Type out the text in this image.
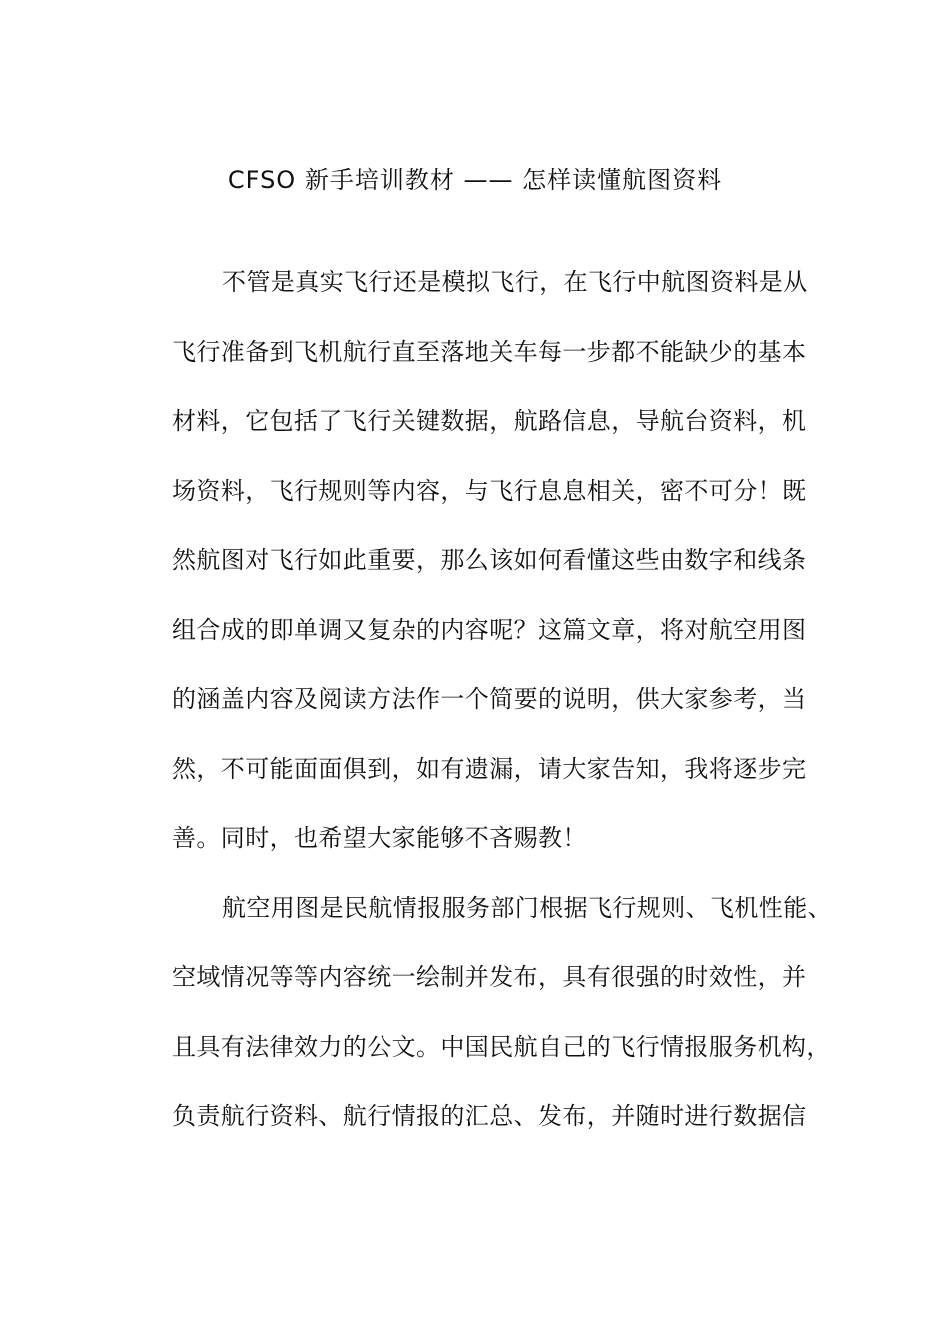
CFSO 新手培训教材 —— 怎样读懂航图资料

不管是真实飞行还是模拟飞行，在飞行中航图资料是从
飞行准备到飞机航行直至落地关车每一步都不能缺少的基本
材料，它包括了飞行关键数据，航路信息，导航台资料，机
场资料，飞行规则等内容，与飞行息息相关，密不可分！既
然航图对飞行如此重要，那么该如何看懂这些由数字和线条
组合成的即单调又复杂的内容呢？这篇文章，将对航空用图
的涵盖内容及阅读方法作一个简要的说明，供大家参考，当
然，不可能面面俱到，如有遗漏，请大家告知，我将逐步完
善。同时，也希望大家能够不吝赐教！

航空用图是民航情报服务部门根据飞行规则、飞机性能、
空域情况等等内容统一绘制并发布，具有很强的时效性，并
且具有法律效力的公文。中国民航自己的飞行情报服务机构，
负责航行资料、航行情报的汇总、发布，并随时进行数据信
